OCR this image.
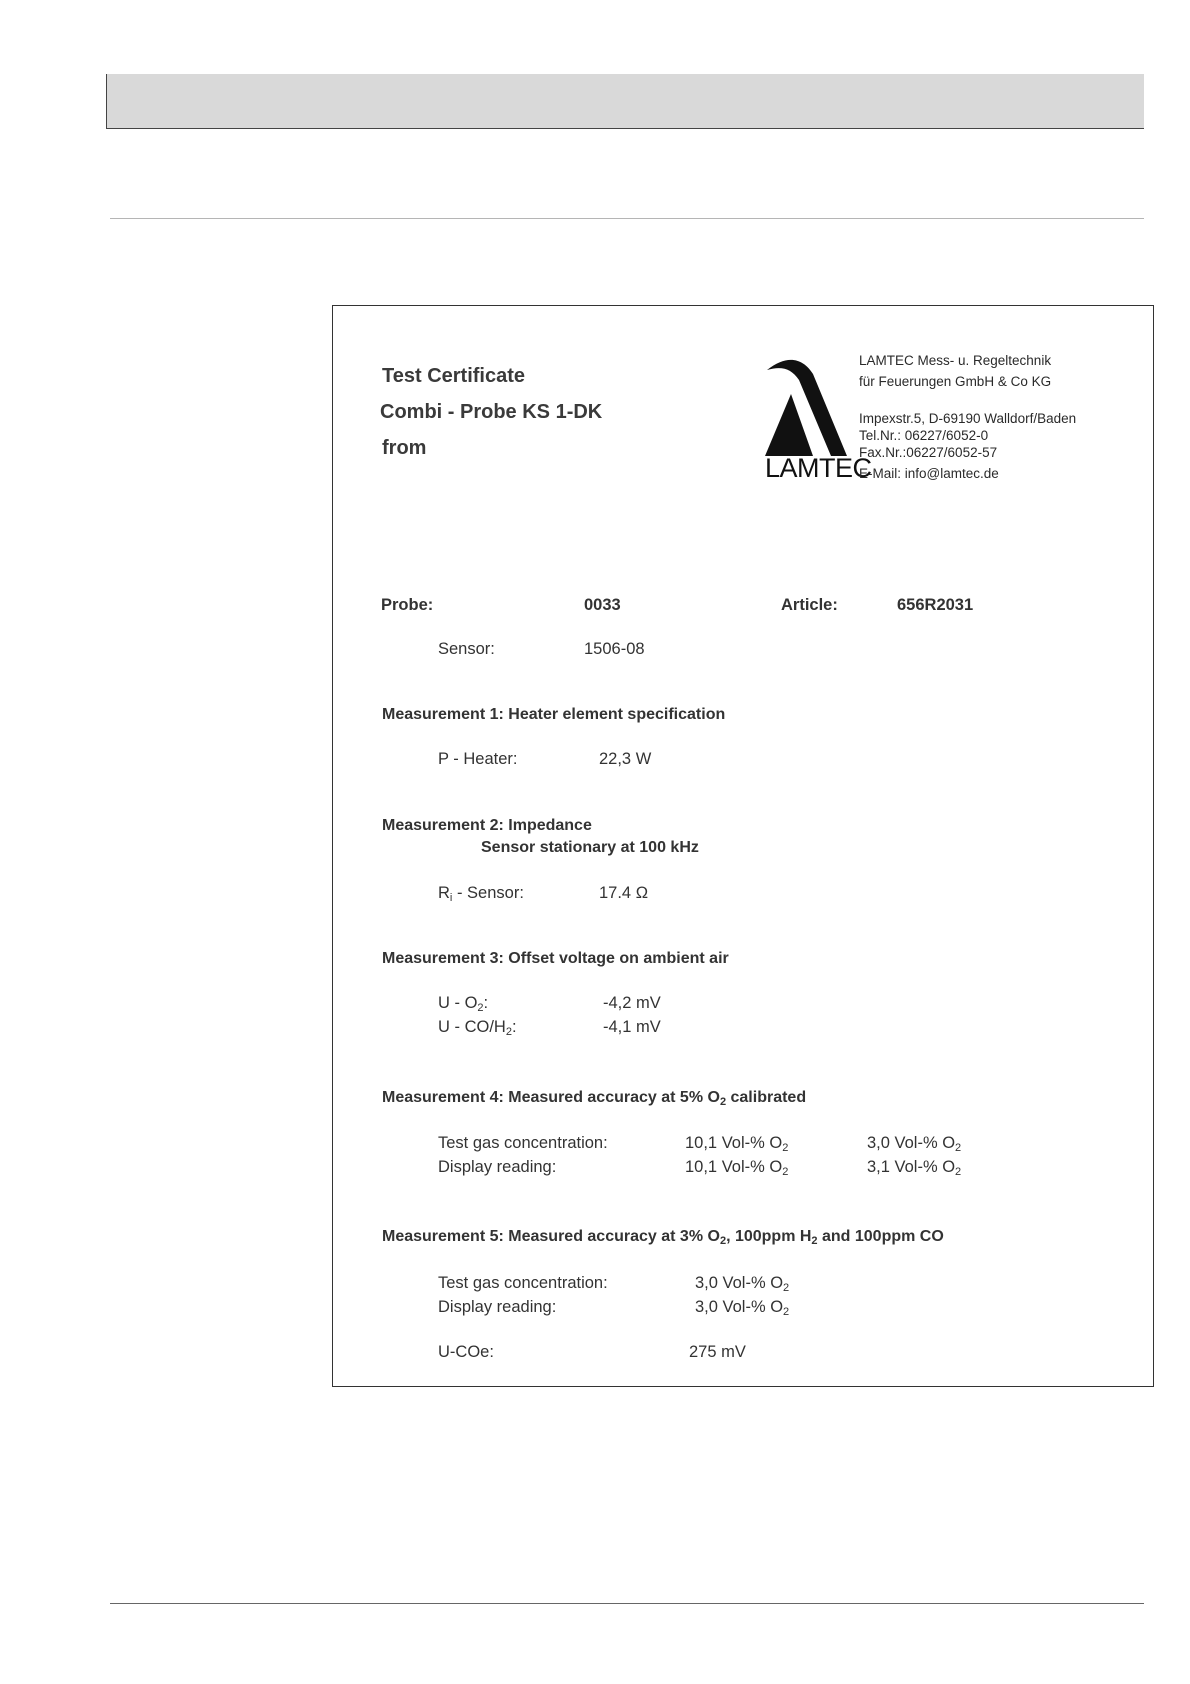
Test Certificate
Combi - Probe KS 1-DK
from
LAMTEC
LAMTEC Mess- u. Regeltechnik
für Feuerungen GmbH & Co KG
Impexstr.5, D-69190 Walldorf/Baden
Tel.Nr.: 06227/6052-0
Fax.Nr.:06227/6052-57
E-Mail: info@lamtec.de
Probe:	0033	Article:	656R2031
Sensor:	1506-08
Measurement 1: Heater element specification
P - Heater:	22,3 W
Measurement 2: Impedance
Sensor stationary at 100 kHz
$R_i$ - Sensor:	17.4 Ω
Measurement 3: Offset voltage on ambient air
U - $O_2$:	-4,2 mV
U - $CO/H_2$:	-4,1 mV
Measurement 4: Measured accuracy at 5% $O_2$ calibrated
Test gas concentration:	10,1 Vol-% $O_2$	3,0 Vol-% $O_2$
Display reading:	10,1 Vol-% $O_2$	3,1 Vol-% $O_2$
Measurement 5: Measured accuracy at 3% $O_2$, 100ppm $H_2$ and 100ppm CO
Test gas concentration:	3,0 Vol-% $O_2$
Display reading:	3,0 Vol-% $O_2$
U-COe:	275 mV
